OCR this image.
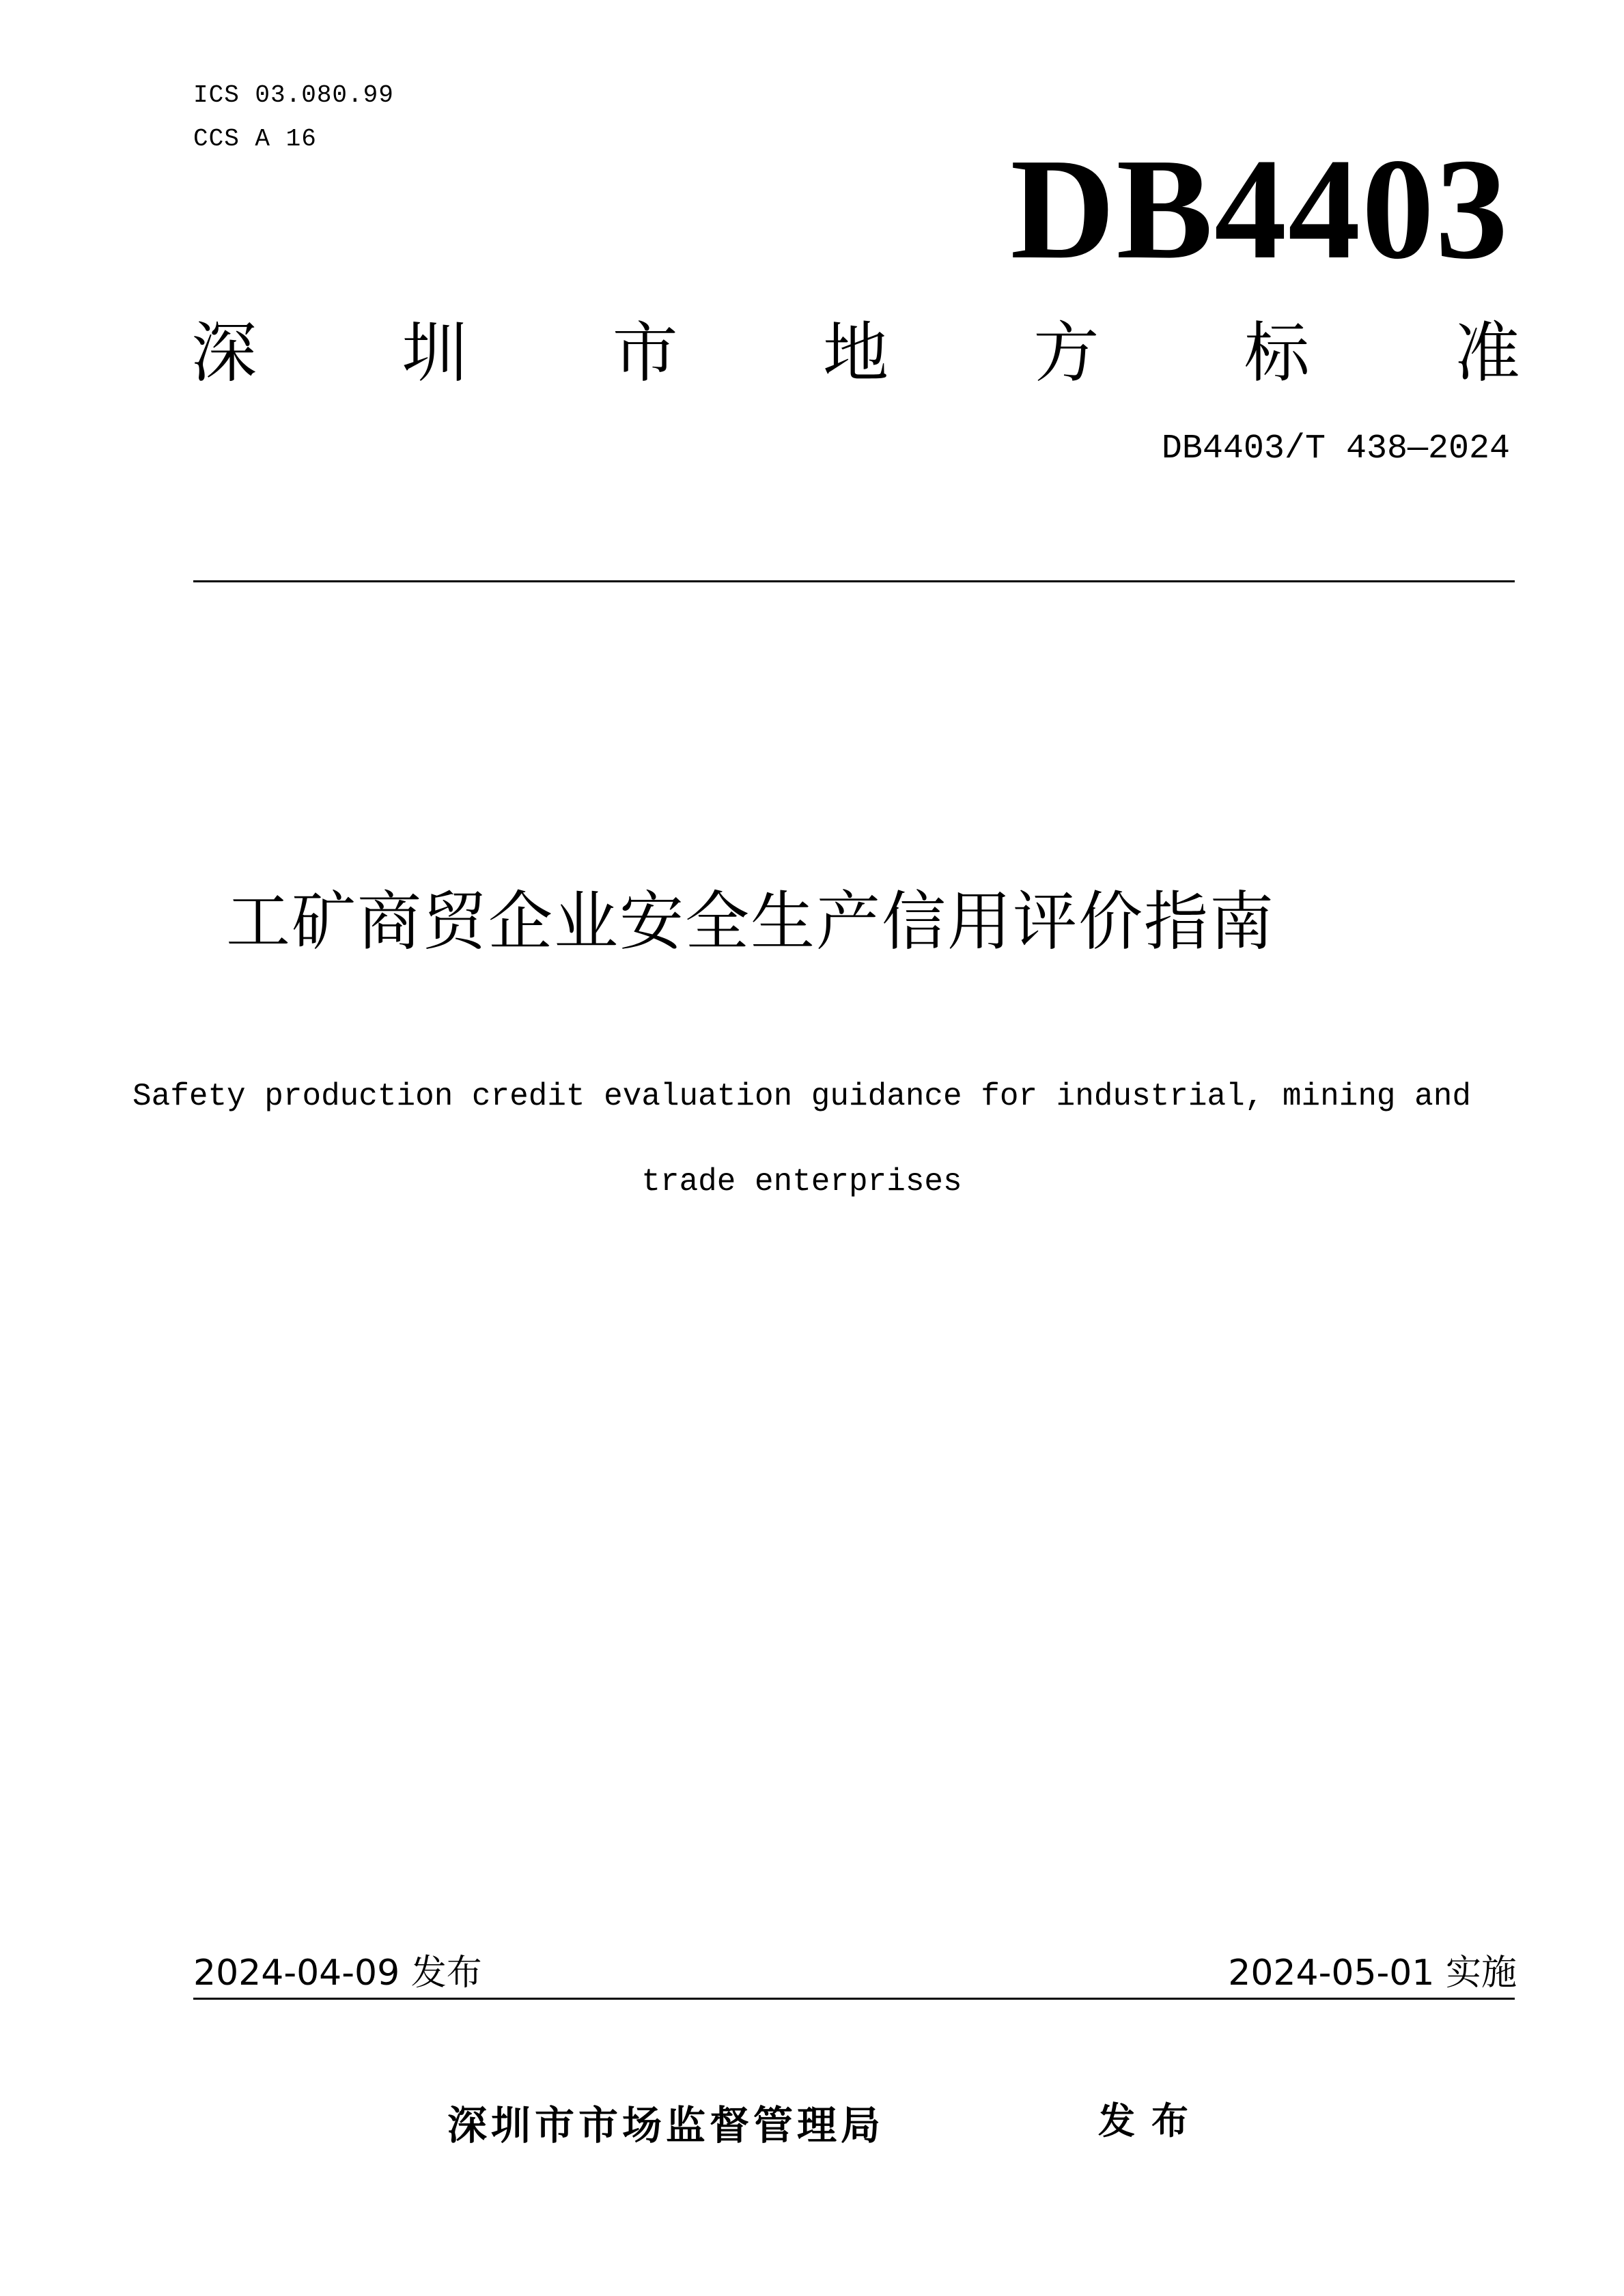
ICS 03.080.99
CCS A 16	DB4403
深 圳 市 地 方 标 准
DB4403/T 438—2024
工矿商贸企业安全生产信用评价指南
Safety production credit evaluation guidance for industrial, mining and
trade enterprises
2024-04-09 发布	2024-05-01 实施
深圳市市场监督管理局	发布
